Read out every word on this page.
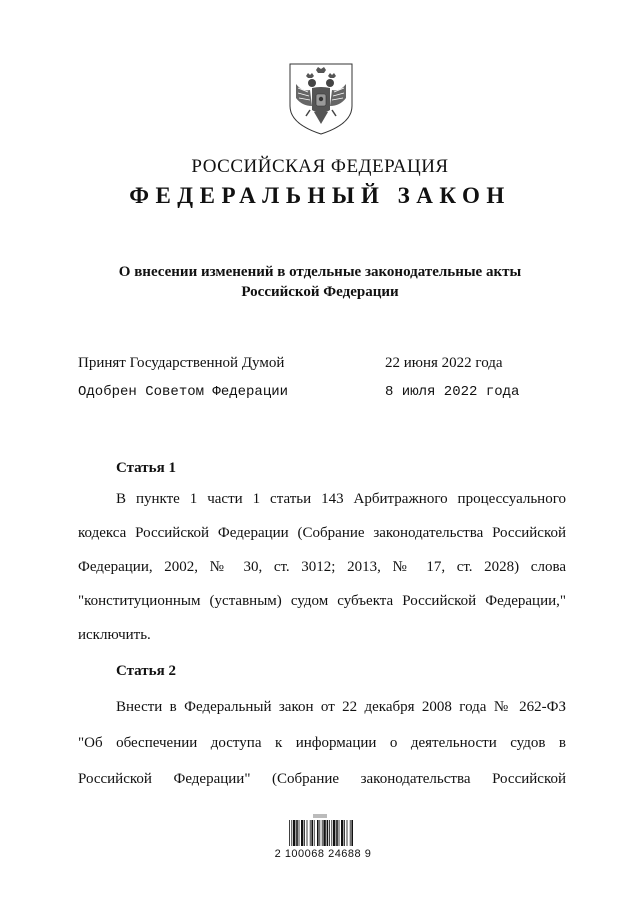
РОССИЙСКАЯ ФЕДЕРАЦИЯ
ФЕДЕРАЛЬНЫЙ ЗАКОН
О внесении изменений в отдельные законодательные акты
Российской Федерации
Принят Государственной Думой	22 июня 2022 года
Одобрен Советом Федерации	8 июля 2022 года
Статья 1
В пункте 1 части 1 статьи 143 Арбитражного процессуального
кодекса Российской Федерации (Собрание законодательства Российской
Федерации, 2002, № 30, ст. 3012; 2013, № 17, ст. 2028) слова
"конституционным (уставным) судом субъекта Российской Федерации,"
исключить.
Статья 2
Внести в Федеральный закон от 22 декабря 2008 года № 262-ФЗ
"Об обеспечении доступа к информации о деятельности судов в
Российской Федерации" (Собрание законодательства Российской
2 100068 24688 9
